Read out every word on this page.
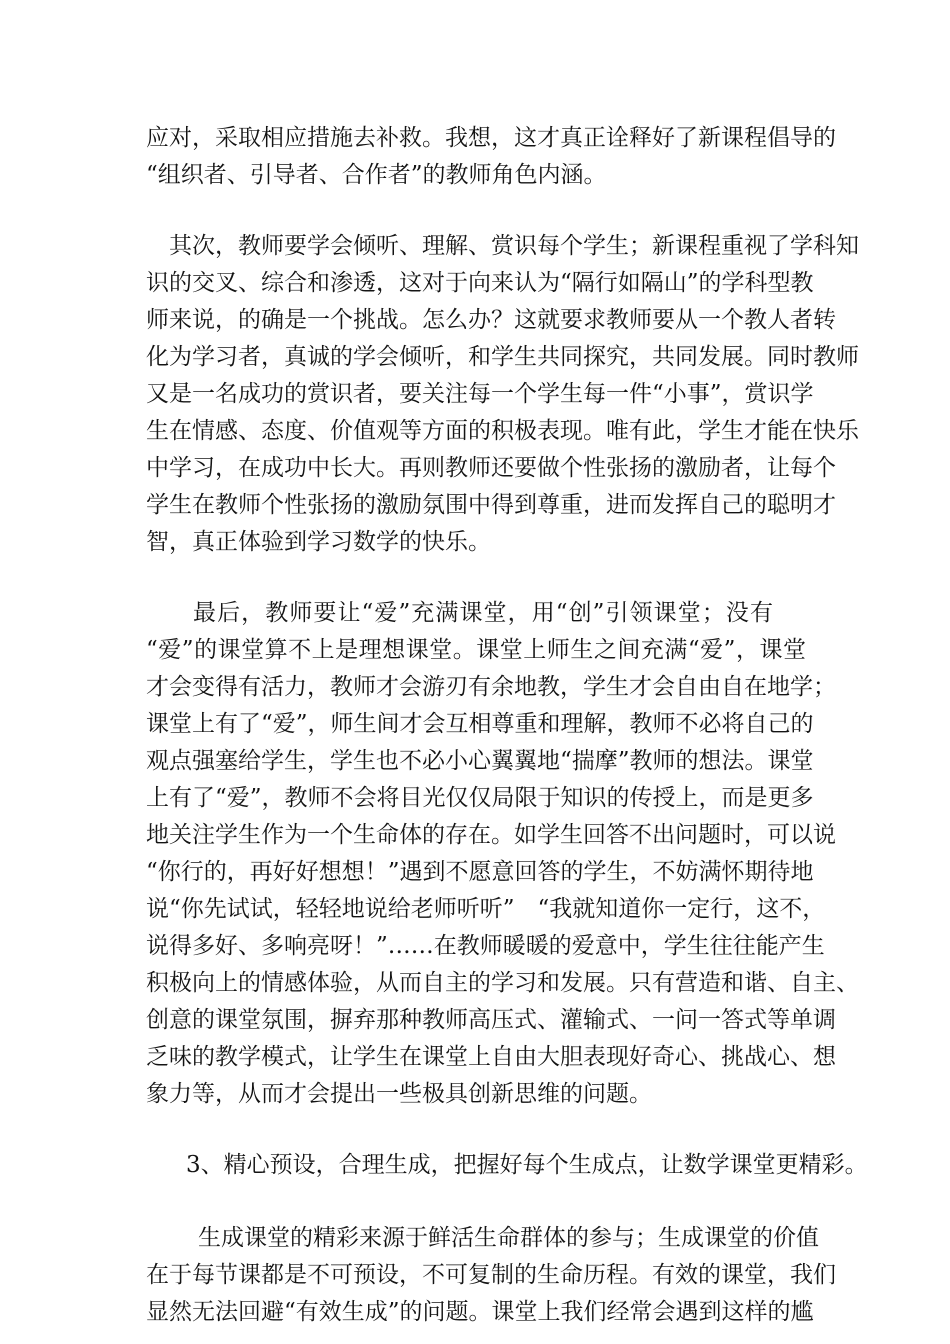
应对，采取相应措施去补救。我想，这才真正诠释好了新课程倡导的
“组织者、引导者、合作者”的教师角色内涵。
其次，教师要学会倾听、理解、赏识每个学生；新课程重视了学科知
识的交叉、综合和渗透，这对于向来认为“隔行如隔山”的学科型教
师来说，的确是一个挑战。怎么办？这就要求教师要从一个教人者转
化为学习者，真诚的学会倾听，和学生共同探究，共同发展。同时教师
又是一名成功的赏识者，要关注每一个学生每一件“小事”，赏识学
生在情感、态度、价值观等方面的积极表现。唯有此，学生才能在快乐
中学习，在成功中长大。再则教师还要做个性张扬的激励者，让每个
学生在教师个性张扬的激励氛围中得到尊重，进而发挥自己的聪明才
智，真正体验到学习数学的快乐。
最后，教师要让“爱”充满课堂，用“创”引领课堂；没有
“爱”的课堂算不上是理想课堂。课堂上师生之间充满“爱”，课堂
才会变得有活力，教师才会游刃有余地教，学生才会自由自在地学；
课堂上有了“爱”，师生间才会互相尊重和理解，教师不必将自己的
观点强塞给学生，学生也不必小心翼翼地“揣摩”教师的想法。课堂
上有了“爱”，教师不会将目光仅仅局限于知识的传授上，而是更多
地关注学生作为一个生命体的存在。如学生回答不出问题时，可以说
“你行的，再好好想想！”遇到不愿意回答的学生，不妨满怀期待地
说“你先试试，轻轻地说给老师听听”　“我就知道你一定行，这不，
说得多好、多响亮呀！”……在教师暖暖的爱意中，学生往往能产生
积极向上的情感体验，从而自主的学习和发展。只有营造和谐、自主、
创意的课堂氛围，摒弃那种教师高压式、灌输式、一问一答式等单调
乏味的教学模式，让学生在课堂上自由大胆表现好奇心、挑战心、想
象力等，从而才会提出一些极具创新思维的问题。
3、精心预设，合理生成，把握好每个生成点，让数学课堂更精彩。
生成课堂的精彩来源于鲜活生命群体的参与；生成课堂的价值
在于每节课都是不可预设，不可复制的生命历程。有效的课堂，我们
显然无法回避“有效生成”的问题。课堂上我们经常会遇到这样的尴
